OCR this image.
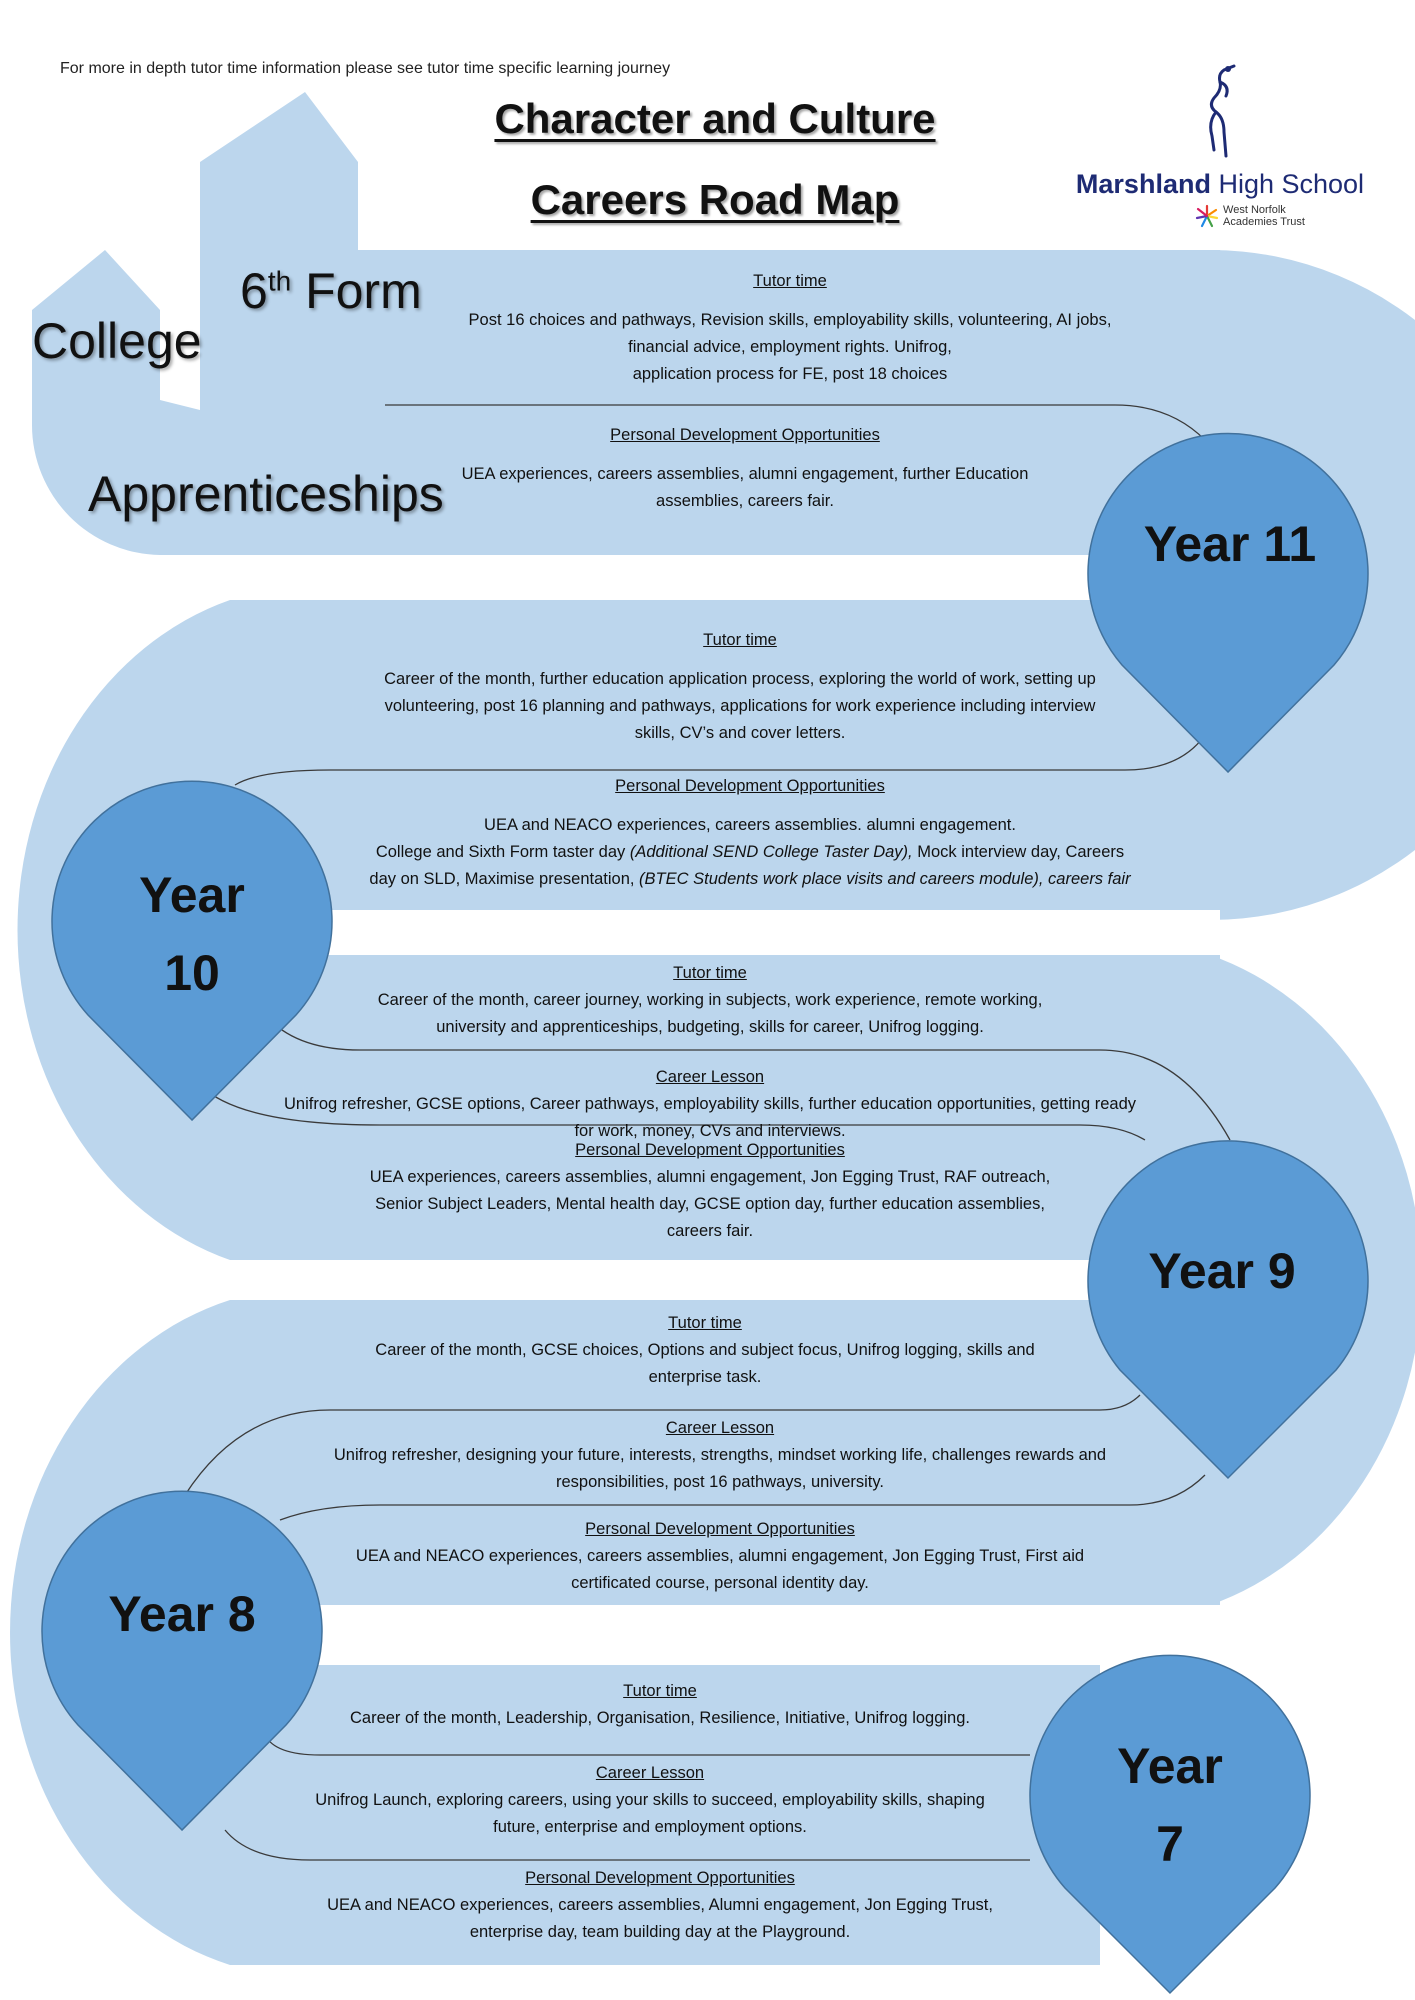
For more in depth tutor time information please see tutor time specific learning journey
Character and Culture
Careers Road Map	Marshland High School
West Norfolk
Academies Trust
6th Form
College
Apprenticeships
Tutor time
Post 16 choices and pathways, Revision skills, employability skills, volunteering, AI jobs,
financial advice, employment rights. Unifrog,
application process for FE, post 18 choices
Personal Development Opportunities
UEA experiences, careers assemblies, alumni engagement, further Education
assemblies, careers fair.
Year 11
Tutor time
Career of the month, further education application process, exploring the world of work, setting up
volunteering, post 16 planning and pathways, applications for work experience including interview
skills, CV’s and cover letters.
Personal Development Opportunities
UEA and NEACO experiences, careers assemblies. alumni engagement.
College and Sixth Form taster day (Additional SEND College Taster Day), Mock interview day, Careers
day on SLD, Maximise presentation, (BTEC Students work place visits and careers module), careers fair
Year
10	Tutor time
Career of the month, career journey, working in subjects, work experience, remote working,
university and apprenticeships, budgeting, skills for career, Unifrog logging.
Career Lesson
Unifrog refresher, GCSE options, Career pathways, employability skills, further education opportunities, getting ready
for work, money, CVs and interviews.
Personal Development Opportunities
UEA experiences, careers assemblies, alumni engagement, Jon Egging Trust, RAF outreach,
Senior Subject Leaders, Mental health day, GCSE option day, further education assemblies,
careers fair.
Year 9
Tutor time
Career of the month, GCSE choices, Options and subject focus, Unifrog logging, skills and
enterprise task.
Career Lesson
Unifrog refresher, designing your future, interests, strengths, mindset working life, challenges rewards and
responsibilities, post 16 pathways, university.
Personal Development Opportunities
UEA and NEACO experiences, careers assemblies, alumni engagement, Jon Egging Trust, First aid
certificated course, personal identity day.
Year 8
Tutor time
Career of the month, Leadership, Organisation, Resilience, Initiative, Unifrog logging.
Career Lesson
Unifrog Launch, exploring careers, using your skills to succeed, employability skills, shaping
future, enterprise and employment options.
Personal Development Opportunities
UEA and NEACO experiences, careers assemblies, Alumni engagement, Jon Egging Trust,
enterprise day, team building day at the Playground.
Year
7
